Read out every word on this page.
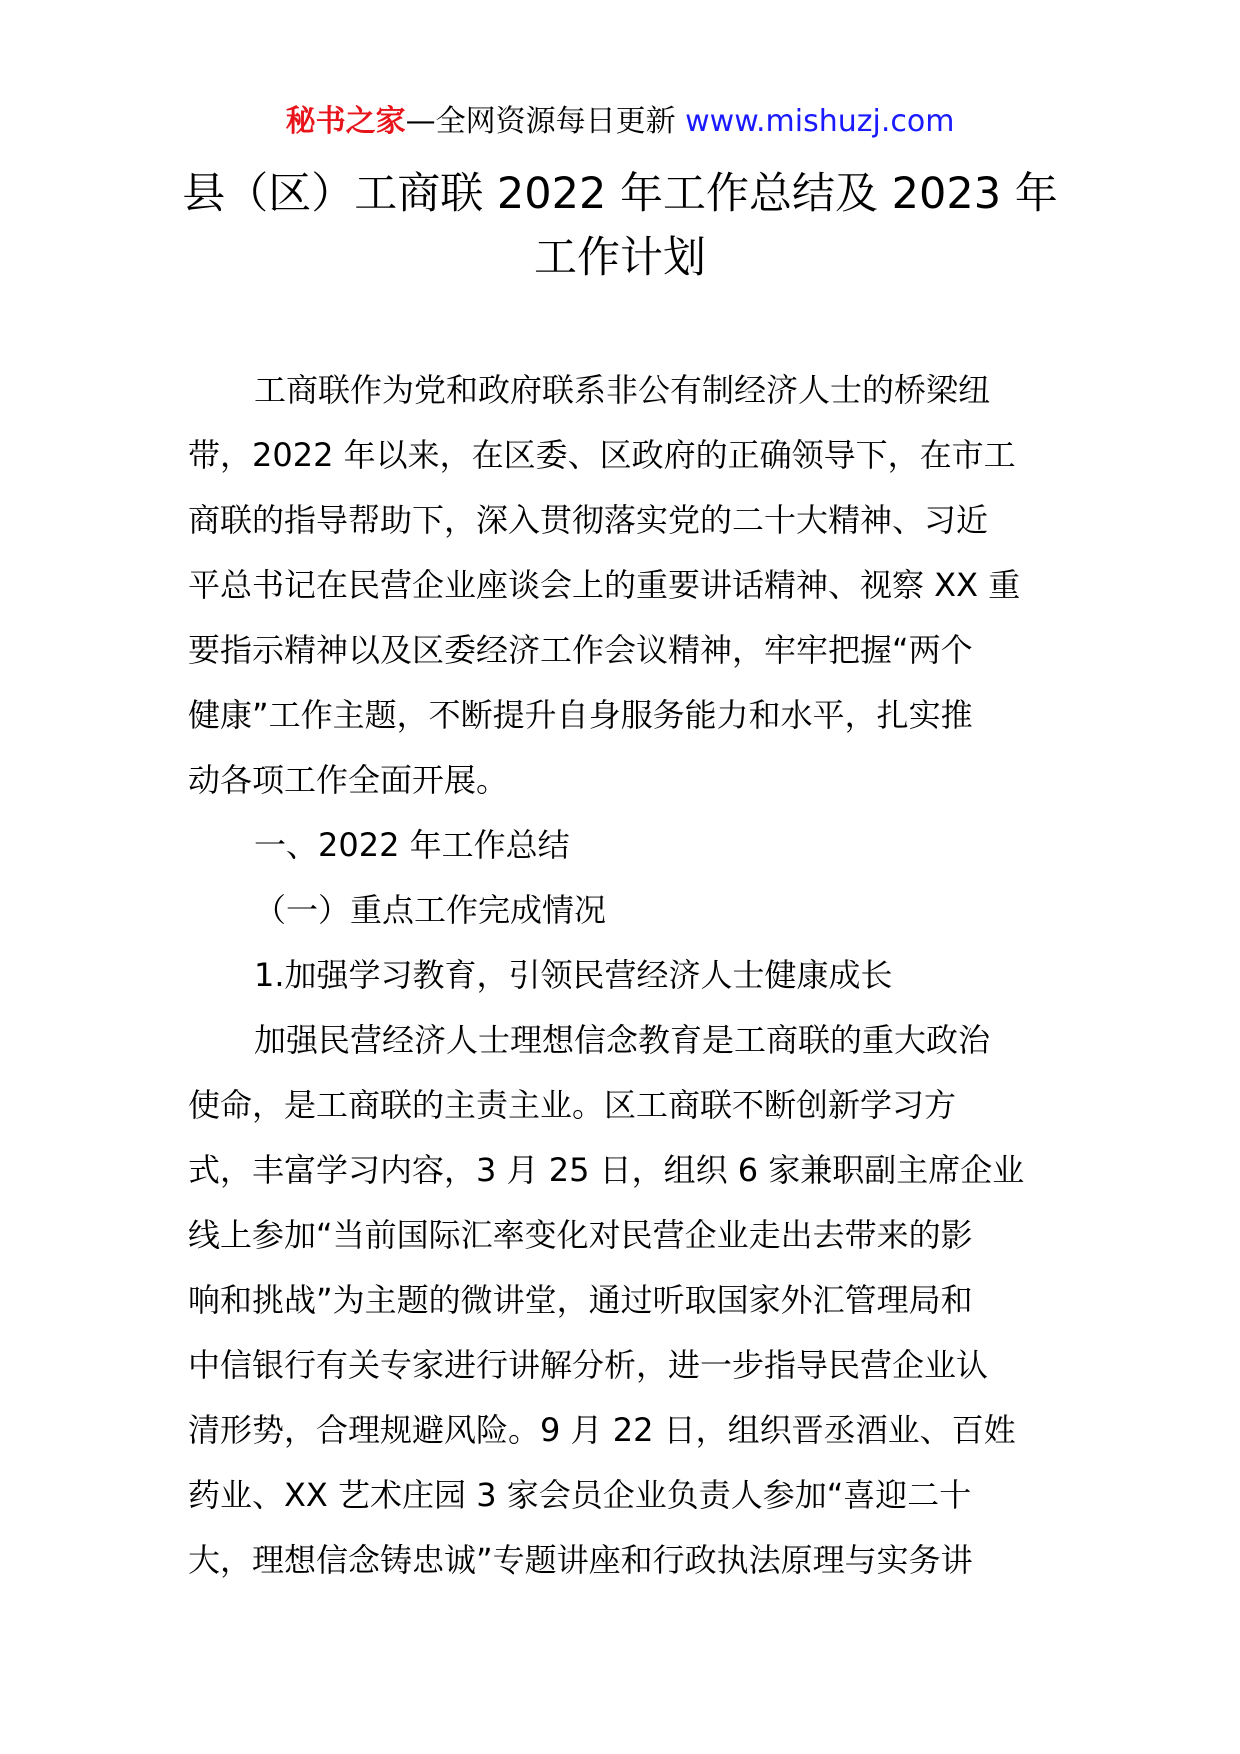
秘书之家—全网资源每日更新 www.mishuzj.com
县（区）工商联 2022 年工作总结及 2023 年
工作计划
工商联作为党和政府联系非公有制经济人士的桥梁纽
带，2022 年以来，在区委、区政府的正确领导下，在市工
商联的指导帮助下，深入贯彻落实党的二十大精神、习近
平总书记在民营企业座谈会上的重要讲话精神、视察 XX 重
要指示精神以及区委经济工作会议精神，牢牢把握“两个
健康”工作主题，不断提升自身服务能力和水平，扎实推
动各项工作全面开展。
一、2022 年工作总结
（一）重点工作完成情况
1.加强学习教育，引领民营经济人士健康成长
加强民营经济人士理想信念教育是工商联的重大政治
使命，是工商联的主责主业。区工商联不断创新学习方
式，丰富学习内容，3 月 25 日，组织 6 家兼职副主席企业
线上参加“当前国际汇率变化对民营企业走出去带来的影
响和挑战”为主题的微讲堂，通过听取国家外汇管理局和
中信银行有关专家进行讲解分析，进一步指导民营企业认
清形势，合理规避风险。9 月 22 日，组织晋丞酒业、百姓
药业、XX 艺术庄园 3 家会员企业负责人参加“喜迎二十
大，理想信念铸忠诚”专题讲座和行政执法原理与实务讲
